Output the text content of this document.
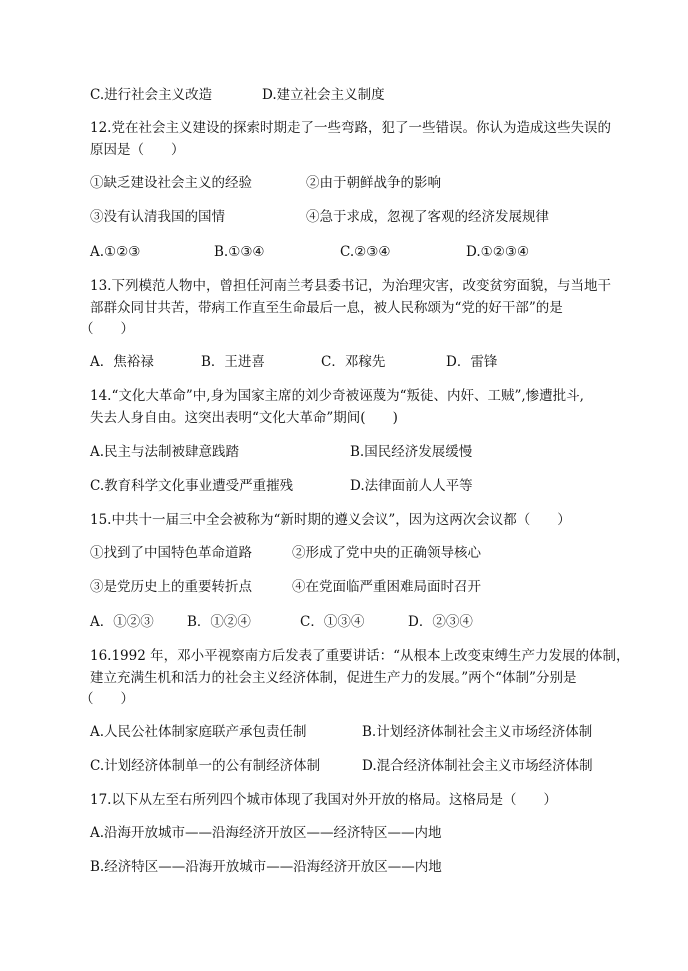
C.进行社会主义改造	D.建立社会主义制度
12.党在社会主义建设的探索时期走了一些弯路，犯了一些错误。你认为造成这些失误的
原因是（　　）
①缺乏建设社会主义的经验	②由于朝鲜战争的影响
③没有认清我国的国情	④急于求成，忽视了客观的经济发展规律
A.①②③	B.①③④	C.②③④	D.①②③④
13.下列模范人物中，曾担任河南兰考县委书记，为治理灾害，改变贫穷面貌，与当地干
部群众同甘共苦，带病工作直至生命最后一息，被人民称颂为“党的好干部”的是
（　　）
A．焦裕禄	B．王进喜	C．邓稼先	D．雷锋
14.“文化大革命”中,身为国家主席的刘少奇被诬蔑为“叛徒、内奸、工贼”,惨遭批斗,
失去人身自由。这突出表明“文化大革命”期间(　　)
A.民主与法制被肆意践踏	B.国民经济发展缓慢
C.教育科学文化事业遭受严重摧残	D.法律面前人人平等
15.中共十一届三中全会被称为“新时期的遵义会议”，因为这两次会议都（　　）
①找到了中国特色革命道路	②形成了党中央的正确领导核心
③是党历史上的重要转折点	④在党面临严重困难局面时召开
A．①②③ B．①②④	C．①③④	D．②③④
16.1992 年，邓小平视察南方后发表了重要讲话：“从根本上改变束缚生产力发展的体制，
建立充满生机和活力的社会主义经济体制，促进生产力的发展。”两个“体制”分别是
（　　）
A.人民公社体制家庭联产承包责任制	B.计划经济体制社会主义市场经济体制
C.计划经济体制单一的公有制经济体制	D.混合经济体制社会主义市场经济体制
17.以下从左至右所列四个城市体现了我国对外开放的格局。这格局是（　　）
A.沿海开放城市——沿海经济开放区——经济特区——内地
B.经济特区——沿海开放城市——沿海经济开放区——内地
